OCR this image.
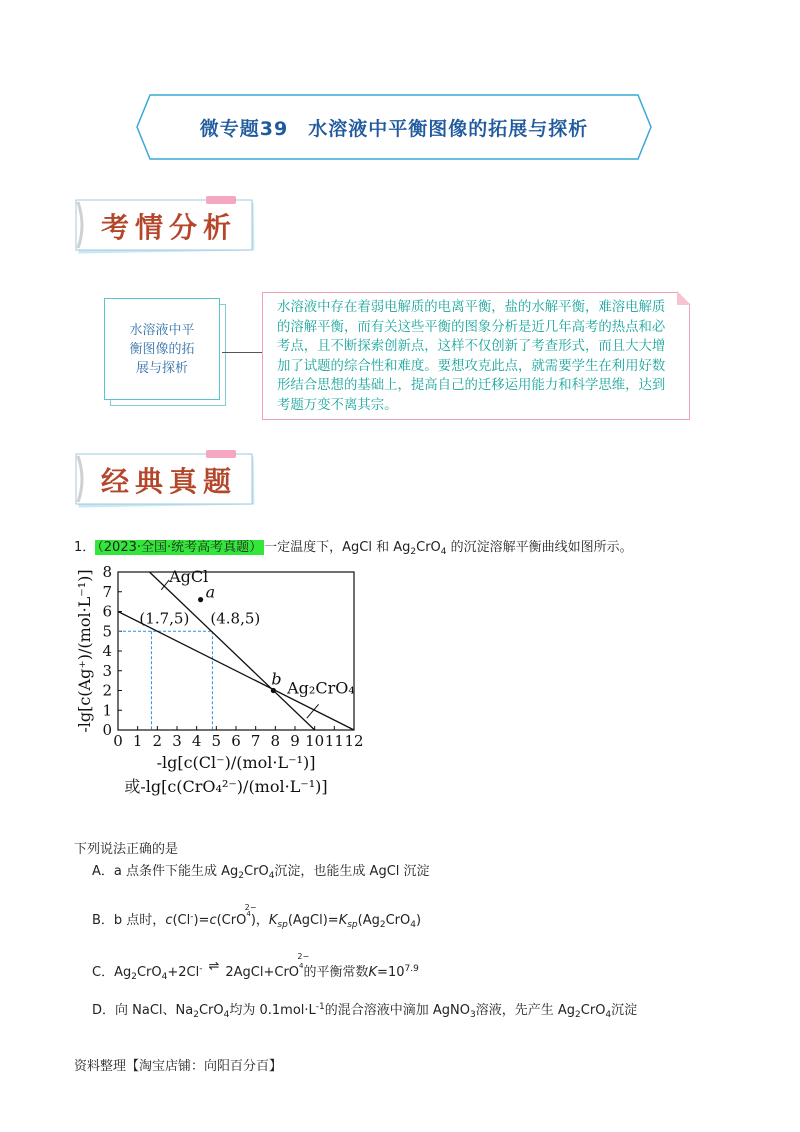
微专题39　水溶液中平衡图像的拓展与探析
考情分析
水溶液中平衡图像的拓展与探析
水溶液中存在着弱电解质的电离平衡，盐的水解平衡，难溶电解质的溶解平衡，而有关这些平衡的图象分析是近几年高考的热点和必考点，且不断探索创新点，这样不仅创新了考查形式，而且大大增加了试题的综合性和难度。要想攻克此点，就需要学生在利用好数形结合思想的基础上，提高自己的迁移运用能力和科学思维，达到考题万变不离其宗。
经典真题
1． （2023·全国·统考高考真题） 一定温度下，AgCl 和 $Ag_2CrO_4$ 的沉淀溶解平衡曲线如图所示。
0 1 2 3 4 5 6 7 8 9 10 11 12
0
1
2
3
4
5
6
7
8	AgCl
Ag₂CrO₄
(1.7,5) (4.8,5)
a
b
-lg[c(Cl⁻)/(mol·L⁻¹)]
或-lg[c(CrO₄²⁻)/(mol·L⁻¹)]
-lg[c(Ag⁺)/(mol·L⁻¹)]
下列说法正确的是
A．a 点条件下能生成 $Ag_2CrO_4$沉淀，也能生成 AgCl 沉淀
B．b 点时，c(Cl-)=c(CrO
2−
$^4$)，$K_{sp}(AgCl)=K_{sp}(Ag_2CrO_4)$
C．$Ag_2CrO_4+2Cl^-$ ⇌ 2AgCl+CrO
2−
$^4$的平衡常数$K=10^{7.9}$
D．向 NaCl、$Na_2CrO_4$均为 $0.1mol\cdot L^{-1}$的混合溶液中滴加 AgNO$_3$溶液，先产生 $Ag_2CrO_4$沉淀
资料整理【淘宝店铺：向阳百分百】
